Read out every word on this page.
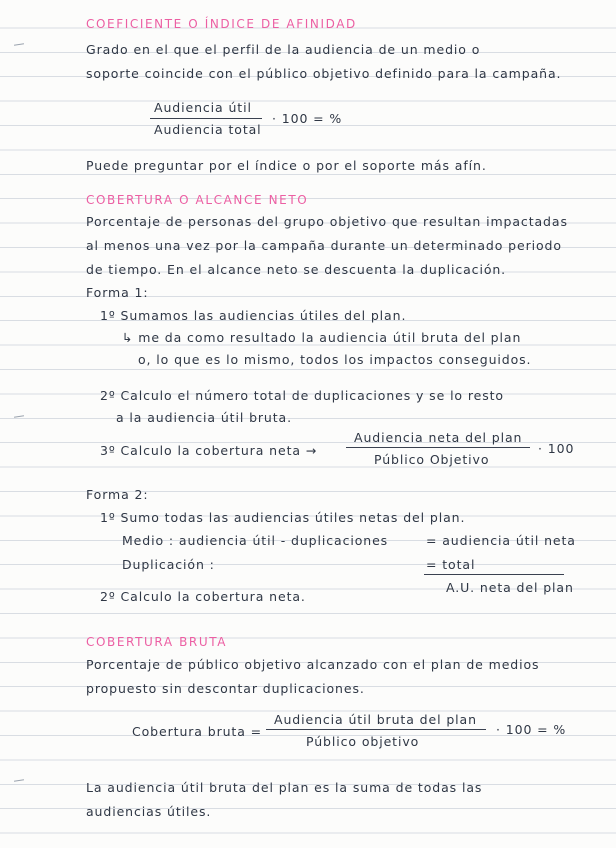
COEFICIENTE O ÍNDICE DE AFINIDAD
Grado en el que el perfil de la audiencia de un medio o
soporte coincide con el público objetivo definido para la campaña.
Audiencia útil
Audiencia total
· 100 = %
Puede preguntar por el índice o por el soporte más afín.
COBERTURA O ALCANCE NETO
Porcentaje de personas del grupo objetivo que resultan impactadas
al menos una vez por la campaña durante un determinado periodo
de tiempo. En el alcance neto se descuenta la duplicación.
Forma 1:
1º Sumamos las audiencias útiles del plan.
↳ me da como resultado la audiencia útil bruta del plan
o, lo que es lo mismo, todos los impactos conseguidos.
2º Calculo el número total de duplicaciones y se lo resto
a la audiencia útil bruta.
3º Calculo la cobertura neta →
Audiencia neta del plan
Público Objetivo
· 100
Forma 2:
1º Sumo todas las audiencias útiles netas del plan.
Medio : audiencia útil - duplicaciones	= audiencia útil neta
Duplicación :	= total
A.U. neta del plan
2º Calculo la cobertura neta.
COBERTURA BRUTA
Porcentaje de público objetivo alcanzado con el plan de medios
propuesto sin descontar duplicaciones.
Cobertura bruta =
Audiencia útil bruta del plan
Público objetivo
· 100 = %
La audiencia útil bruta del plan es la suma de todas las
audiencias útiles.
